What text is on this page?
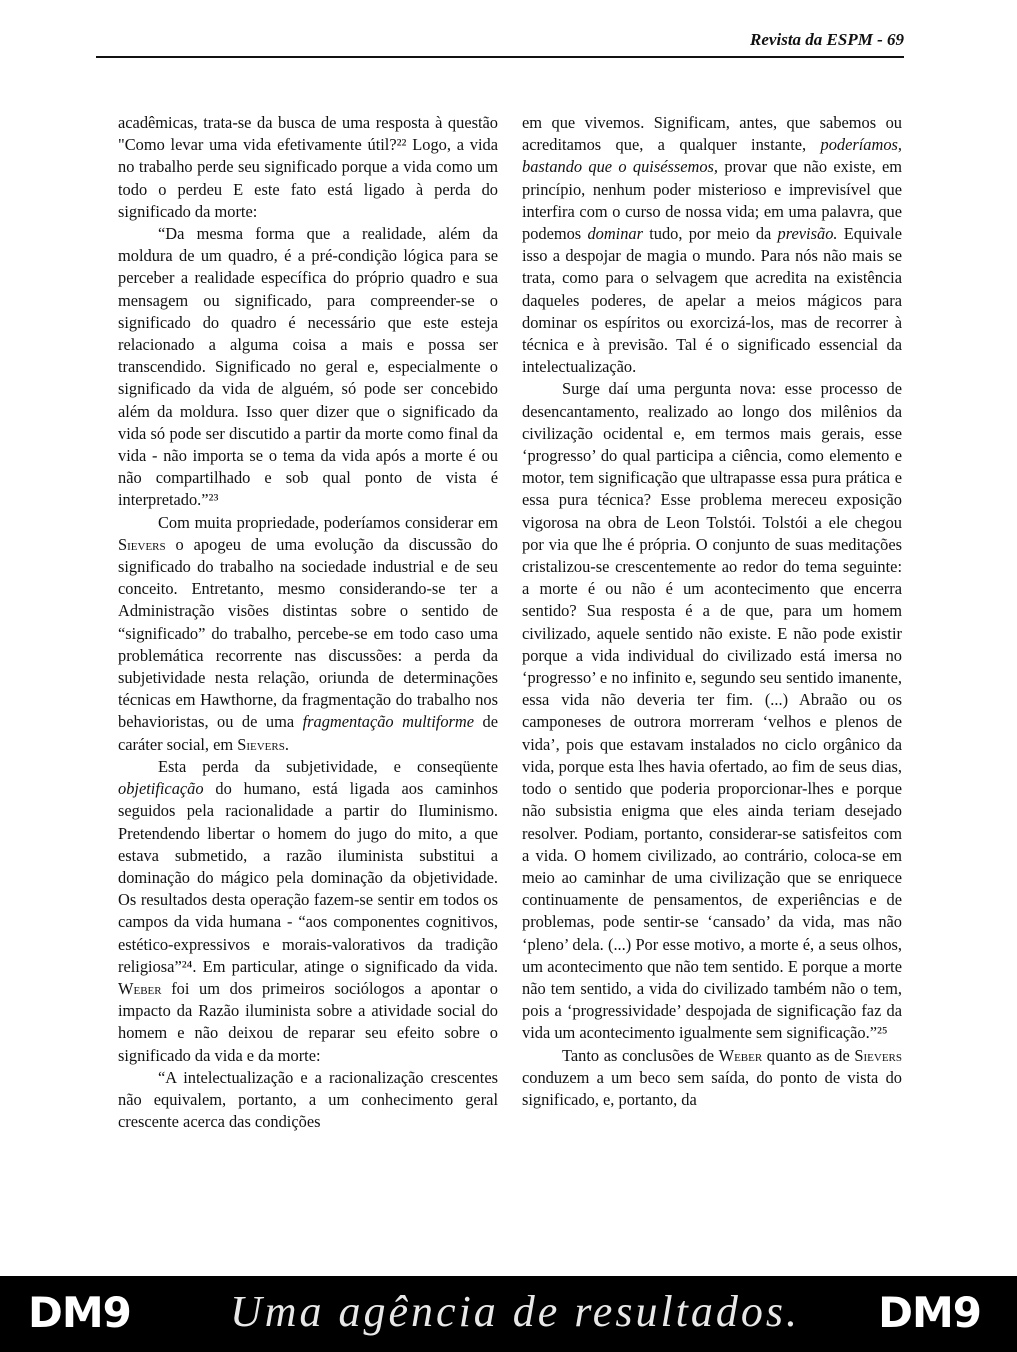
Revista da ESPM - 69

acadêmicas, trata-se da busca de uma resposta à questão "Como levar uma vida efetivamente útil?²² Logo, a vida no trabalho perde seu significado porque a vida como um todo o perdeu E este fato está ligado à perda do significado da morte:

“Da mesma forma que a realidade, além da moldura de um quadro, é a pré-condição lógica para se perceber a realidade específica do próprio quadro e sua mensagem ou significado, para compreender-se o significado do quadro é necessário que este esteja relacionado a alguma coisa a mais e possa ser transcendido. Significado no geral e, especialmente o significado da vida de alguém, só pode ser concebido além da moldura. Isso quer dizer que o significado da vida só pode ser discutido a partir da morte como final da vida - não importa se o tema da vida após a morte é ou não compartilhado e sob qual ponto de vista é interpretado.”²³

Com muita propriedade, poderíamos considerar em Sievers o apogeu de uma evolução da discussão do significado do trabalho na sociedade industrial e de seu conceito. Entretanto, mesmo considerando-se ter a Administração visões distintas sobre o sentido de “significado” do trabalho, percebe-se em todo caso uma problemática recorrente nas discussões: a perda da subjetividade nesta relação, oriunda de determinações técnicas em Hawthorne, da fragmentação do trabalho nos behavioristas, ou de uma fragmentação multiforme de caráter social, em Sievers.

Esta perda da subjetividade, e conseqüente objetificação do humano, está ligada aos caminhos seguidos pela racionalidade a partir do Iluminismo. Pretendendo libertar o homem do jugo do mito, a que estava submetido, a razão iluminista substitui a dominação do mágico pela dominação da objetividade. Os resultados desta operação fazem-se sentir em todos os campos da vida humana - “aos componentes cognitivos, estético-expressivos e morais-valorativos da tradição religiosa”²⁴. Em particular, atinge o significado da vida. Weber foi um dos primeiros sociólogos a apontar o impacto da Razão iluminista sobre a atividade social do homem e não deixou de reparar seu efeito sobre o significado da vida e da morte:

“A intelectualização e a racionalização crescentes não equivalem, portanto, a um conhecimento geral crescente acerca das condições

em que vivemos. Significam, antes, que sabemos ou acreditamos que, a qualquer instante, poderíamos, bastando que o quiséssemos, provar que não existe, em princípio, nenhum poder misterioso e imprevisível que interfira com o curso de nossa vida; em uma palavra, que podemos dominar tudo, por meio da previsão. Equivale isso a despojar de magia o mundo. Para nós não mais se trata, como para o selvagem que acredita na existência daqueles poderes, de apelar a meios mágicos para dominar os espíritos ou exorcizá-los, mas de recorrer à técnica e à previsão. Tal é o significado essencial da intelectualização.

Surge daí uma pergunta nova: esse processo de desencantamento, realizado ao longo dos milênios da civilização ocidental e, em termos mais gerais, esse ‘progresso’ do qual participa a ciência, como elemento e motor, tem significação que ultrapasse essa pura prática e essa pura técnica? Esse problema mereceu exposição vigorosa na obra de Leon Tolstói. Tolstói a ele chegou por via que lhe é própria. O conjunto de suas meditações cristalizou-se crescentemente ao redor do tema seguinte: a morte é ou não é um acontecimento que encerra sentido? Sua resposta é a de que, para um homem civilizado, aquele sentido não existe. E não pode existir porque a vida individual do civilizado está imersa no ‘progresso’ e no infinito e, segundo seu sentido imanente, essa vida não deveria ter fim. (...) Abraão ou os camponeses de outrora morreram ‘velhos e plenos de vida’, pois que estavam instalados no ciclo orgânico da vida, porque esta lhes havia ofertado, ao fim de seus dias, todo o sentido que poderia proporcionar-lhes e porque não subsistia enigma que eles ainda teriam desejado resolver. Podiam, portanto, considerar-se satisfeitos com a vida. O homem civilizado, ao contrário, coloca-se em meio ao caminhar de uma civilização que se enriquece continuamente de pensamentos, de experiências e de problemas, pode sentir-se ‘cansado’ da vida, mas não ‘pleno’ dela. (...) Por esse motivo, a morte é, a seus olhos, um acontecimento que não tem sentido. E porque a morte não tem sentido, a vida do civilizado também não o tem, pois a ‘progressividade’ despojada de significação faz da vida um acontecimento igualmente sem significação.”²⁵

Tanto as conclusões de Weber quanto as de Sievers conduzem a um beco sem saída, do ponto de vista do significado, e, portanto, da

DM9 Uma agência de resultados. DM9
